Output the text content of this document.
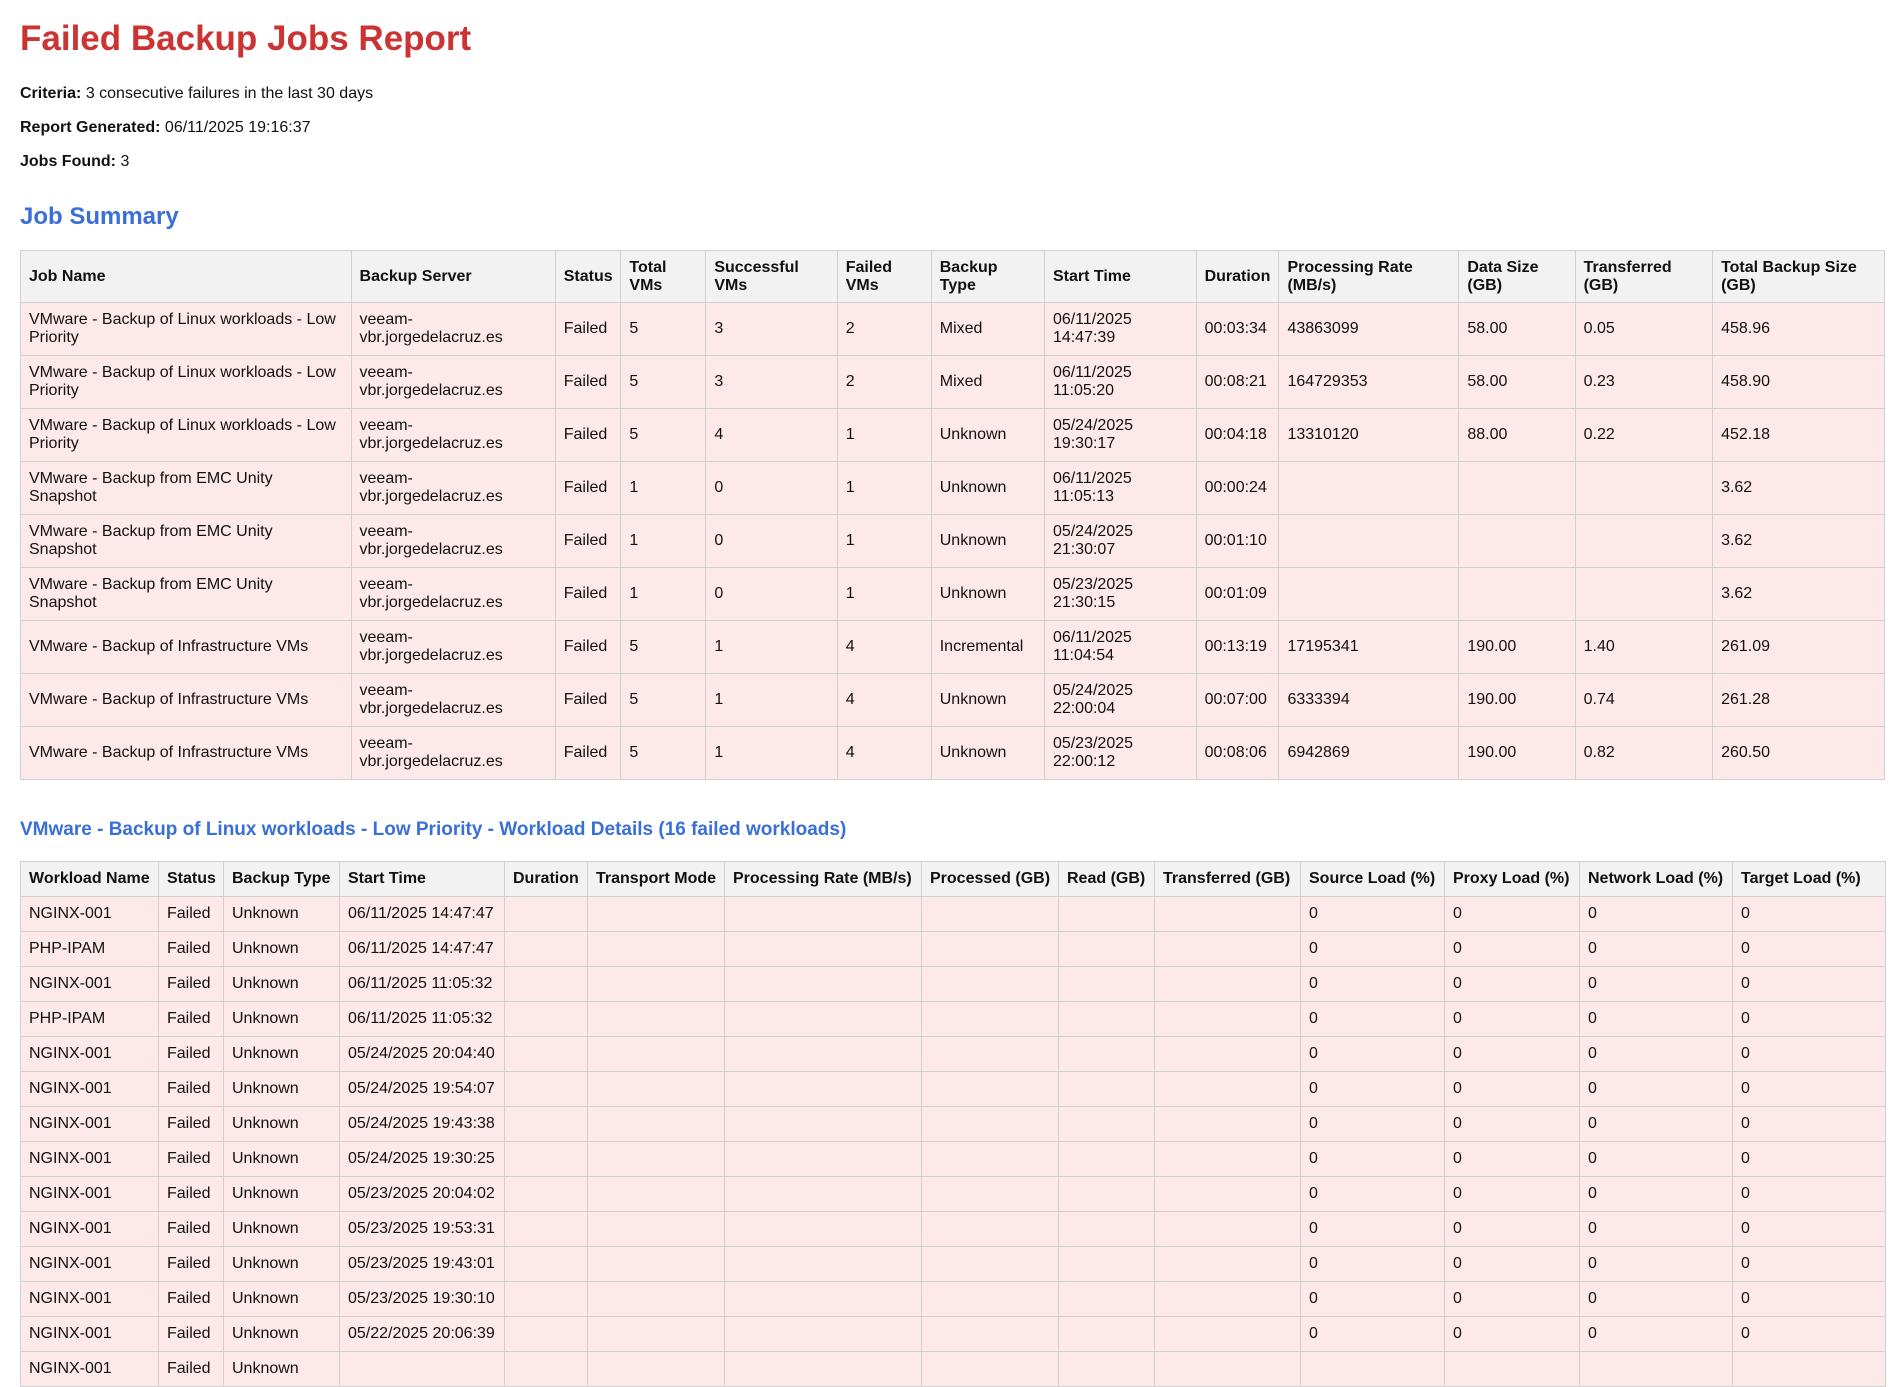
Failed Backup Jobs Report

Criteria: 3 consecutive failures in the last 30 days

Report Generated: 06/11/2025 19:16:37

Jobs Found: 3

Job Summary
Job Name	Backup Server	Status	Total VMs	Successful VMs	Failed VMs	Backup Type	Start Time	Duration	Processing Rate (MB/s)	Data Size (GB)	Transferred (GB)	Total Backup Size (GB)
VMware - Backup of Linux workloads - Low Priority	veeam-vbr.jorgedelacruz.es	Failed	5	3	2	Mixed	06/11/2025 14:47:39	00:03:34	43863099	58.00	0.05	458.96
VMware - Backup of Linux workloads - Low Priority	veeam-vbr.jorgedelacruz.es	Failed	5	3	2	Mixed	06/11/2025 11:05:20	00:08:21	164729353	58.00	0.23	458.90
VMware - Backup of Linux workloads - Low Priority	veeam-vbr.jorgedelacruz.es	Failed	5	4	1	Unknown	05/24/2025 19:30:17	00:04:18	13310120	88.00	0.22	452.18
VMware - Backup from EMC Unity Snapshot	veeam-vbr.jorgedelacruz.es	Failed	1	0	1	Unknown	06/11/2025 11:05:13	00:00:24				3.62
VMware - Backup from EMC Unity Snapshot	veeam-vbr.jorgedelacruz.es	Failed	1	0	1	Unknown	05/24/2025 21:30:07	00:01:10				3.62
VMware - Backup from EMC Unity Snapshot	veeam-vbr.jorgedelacruz.es	Failed	1	0	1	Unknown	05/23/2025 21:30:15	00:01:09				3.62
VMware - Backup of Infrastructure VMs	veeam-vbr.jorgedelacruz.es	Failed	5	1	4	Incremental	06/11/2025 11:04:54	00:13:19	17195341	190.00	1.40	261.09
VMware - Backup of Infrastructure VMs	veeam-vbr.jorgedelacruz.es	Failed	5	1	4	Unknown	05/24/2025 22:00:04	00:07:00	6333394	190.00	0.74	261.28
VMware - Backup of Infrastructure VMs	veeam-vbr.jorgedelacruz.es	Failed	5	1	4	Unknown	05/23/2025 22:00:12	00:08:06	6942869	190.00	0.82	260.50
VMware - Backup of Linux workloads - Low Priority - Workload Details (16 failed workloads)
Workload Name	Status	Backup Type	Start Time	Duration	Transport Mode	Processing Rate (MB/s)	Processed (GB)	Read (GB)	Transferred (GB)	Source Load (%)	Proxy Load (%)	Network Load (%)	Target Load (%)
NGINX-001	Failed	Unknown	06/11/2025 14:47:47							0	0	0	0
PHP-IPAM	Failed	Unknown	06/11/2025 14:47:47							0	0	0	0
NGINX-001	Failed	Unknown	06/11/2025 11:05:32							0	0	0	0
PHP-IPAM	Failed	Unknown	06/11/2025 11:05:32							0	0	0	0
NGINX-001	Failed	Unknown	05/24/2025 20:04:40							0	0	0	0
NGINX-001	Failed	Unknown	05/24/2025 19:54:07							0	0	0	0
NGINX-001	Failed	Unknown	05/24/2025 19:43:38							0	0	0	0
NGINX-001	Failed	Unknown	05/24/2025 19:30:25							0	0	0	0
NGINX-001	Failed	Unknown	05/23/2025 20:04:02							0	0	0	0
NGINX-001	Failed	Unknown	05/23/2025 19:53:31							0	0	0	0
NGINX-001	Failed	Unknown	05/23/2025 19:43:01							0	0	0	0
NGINX-001	Failed	Unknown	05/23/2025 19:30:10							0	0	0	0
NGINX-001	Failed	Unknown	05/22/2025 20:06:39							0	0	0	0
NGINX-001	Failed	Unknown											
